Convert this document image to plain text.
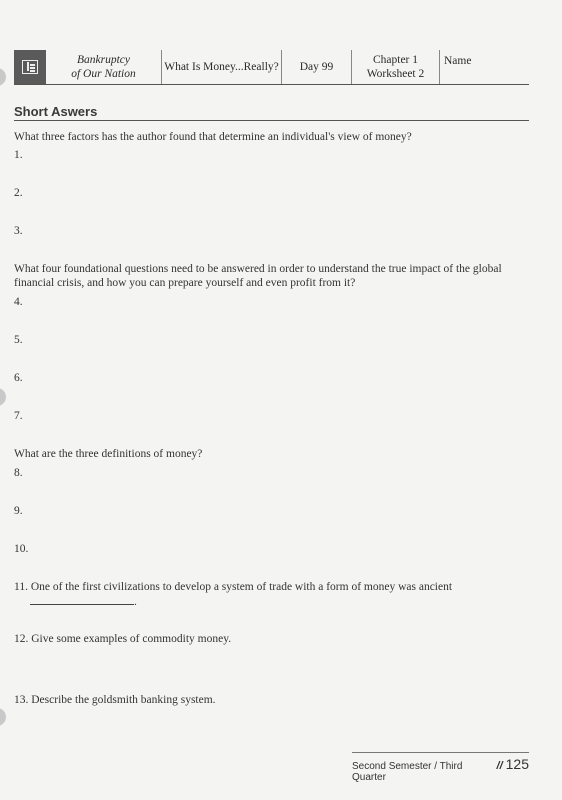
Bankruptcy
of Our Nation
What Is Money...Really?	Day 99
Chapter 1
Worksheet 2
Name
Short Aswers
What three factors has the author found that determine an individual's view of money?
1.
2.
3.
What four foundational questions need to be answered in order to understand the true impact of the global
financial crisis, and how you can prepare yourself and even profit from it?
4.
5.
6.
7.
What are the three definitions of money?
8.
9.
10.
11. One of the first civilizations to develop a system of trade with a form of money was ancient
.
12. Give some examples of commodity money.
13. Describe the goldsmith banking system.
Second Semester / Third Quarter
// 125
